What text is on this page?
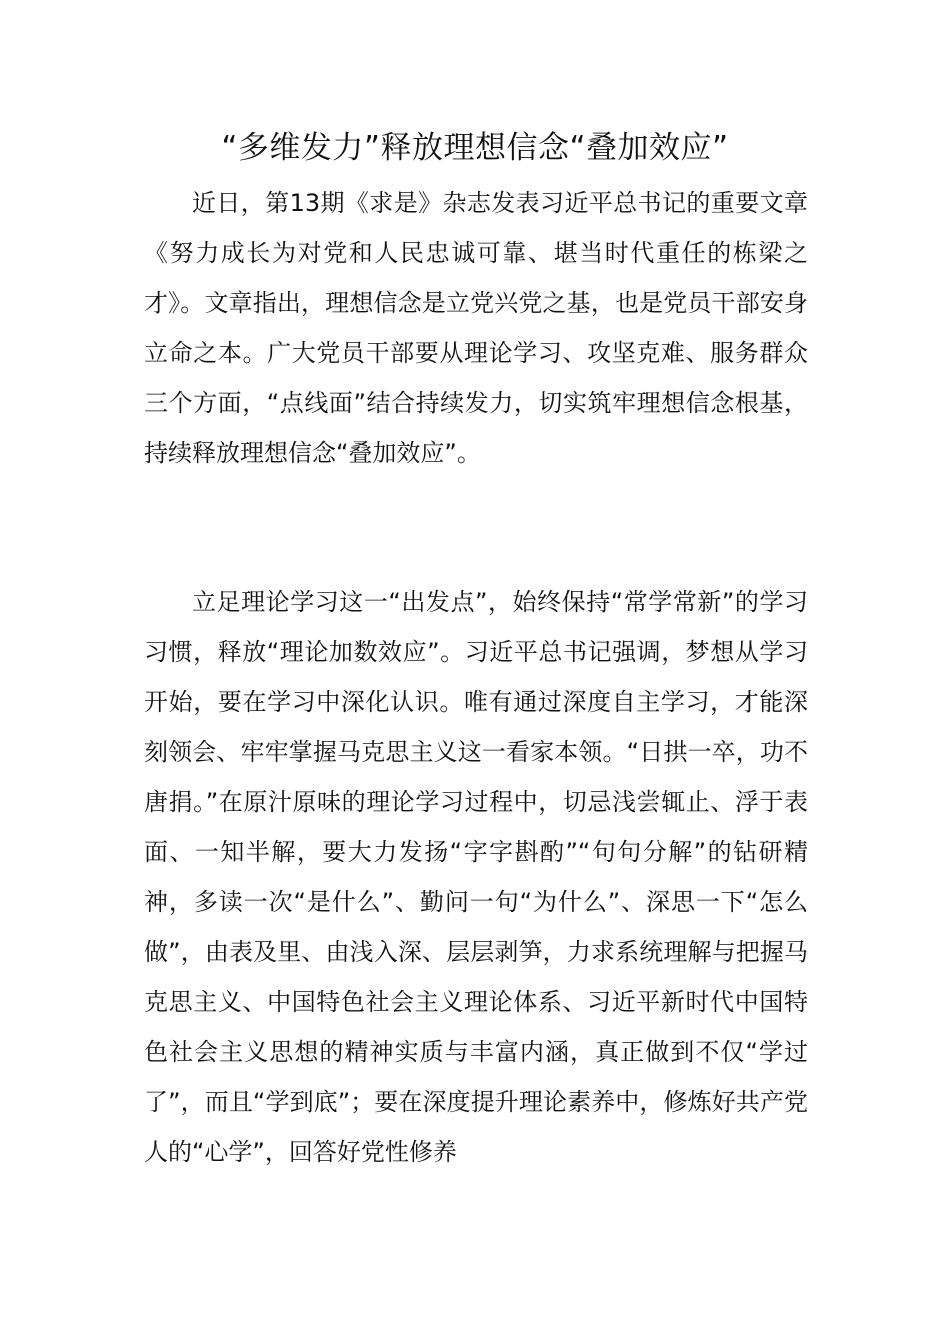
“多维发力”释放理想信念“叠加效应”

近日，第13期《求是》杂志发表习近平总书记的重要文章《努力成长为对党和人民忠诚可靠、堪当时代重任的栋梁之才》。文章指出，理想信念是立党兴党之基，也是党员干部安身立命之本。广大党员干部要从理论学习、攻坚克难、服务群众三个方面，“点线面”结合持续发力，切实筑牢理想信念根基，持续释放理想信念“叠加效应”。

立足理论学习这一“出发点”，始终保持“常学常新”的学习习惯，释放“理论加数效应”。习近平总书记强调，梦想从学习开始，要在学习中深化认识。唯有通过深度自主学习，才能深刻领会、牢牢掌握马克思主义这一看家本领。“日拱一卒，功不唐捐。”在原汁原味的理论学习过程中，切忌浅尝辄止、浮于表面、一知半解，要大力发扬“字字斟酌”“句句分解”的钻研精神，多读一次“是什么”、勤问一句“为什么”、深思一下“怎么做”，由表及里、由浅入深、层层剥笋，力求系统理解与把握马克思主义、中国特色社会主义理论体系、习近平新时代中国特色社会主义思想的精神实质与丰富内涵，真正做到不仅“学过了”，而且“学到底”；要在深度提升理论素养中，修炼好共产党人的“心学”，回答好党性修养
